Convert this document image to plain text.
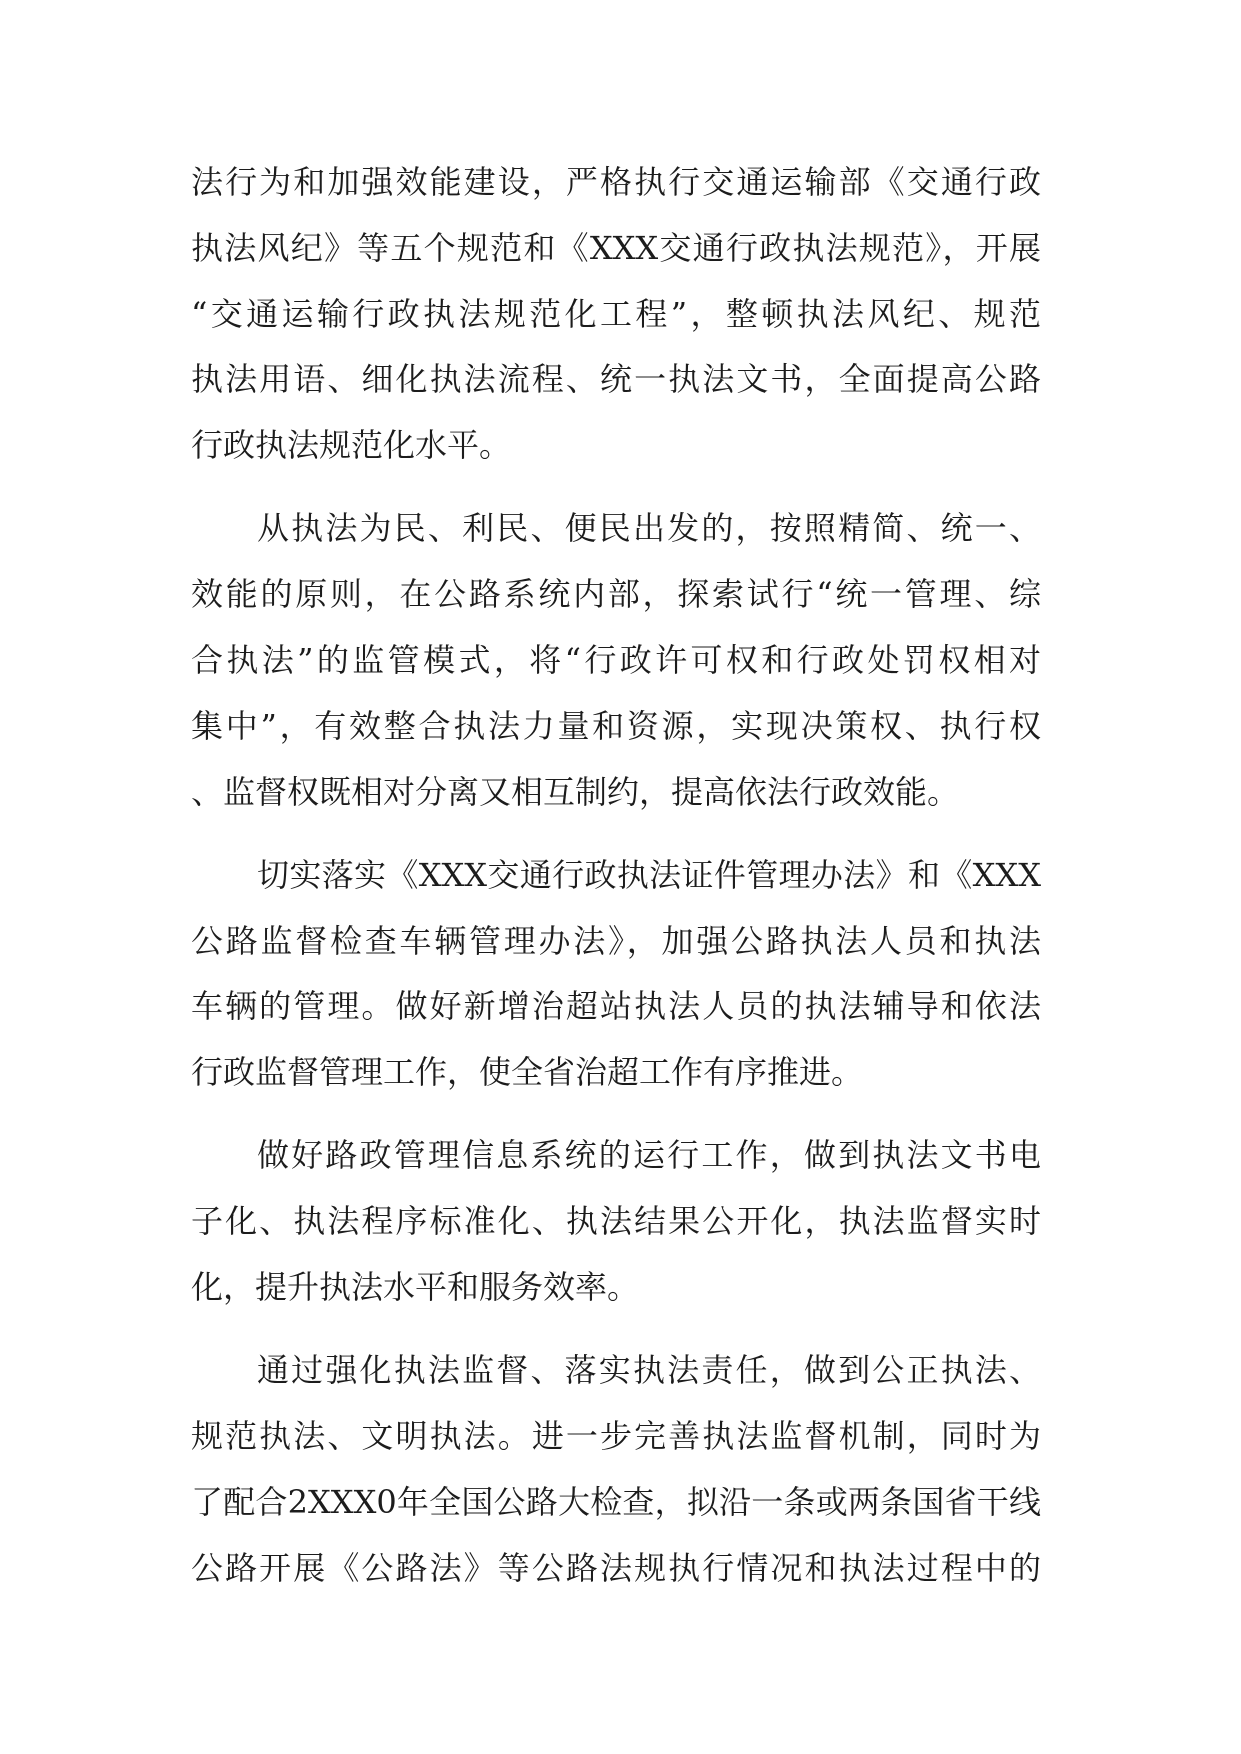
法行为和加强效能建设，严格执行交通运输部《交通行政
执法风纪》等五个规范和《XXX交通行政执法规范》，开展
“交通运输行政执法规范化工程”，整顿执法风纪、规范
执法用语、细化执法流程、统一执法文书，全面提高公路
行政执法规范化水平。
从执法为民、利民、便民出发的，按照精简、统一、
效能的原则，在公路系统内部，探索试行“统一管理、综
合执法”的监管模式，将“行政许可权和行政处罚权相对
集中”，有效整合执法力量和资源，实现决策权、执行权
、监督权既相对分离又相互制约，提高依法行政效能。
切实落实《XXX交通行政执法证件管理办法》和《XXX
公路监督检查车辆管理办法》，加强公路执法人员和执法
车辆的管理。做好新增治超站执法人员的执法辅导和依法
行政监督管理工作，使全省治超工作有序推进。
做好路政管理信息系统的运行工作，做到执法文书电
子化、执法程序标准化、执法结果公开化，执法监督实时
化，提升执法水平和服务效率。
通过强化执法监督、落实执法责任，做到公正执法、
规范执法、文明执法。进一步完善执法监督机制，同时为
了配合2XXX0年全国公路大检查，拟沿一条或两条国省干线
公路开展《公路法》等公路法规执行情况和执法过程中的
